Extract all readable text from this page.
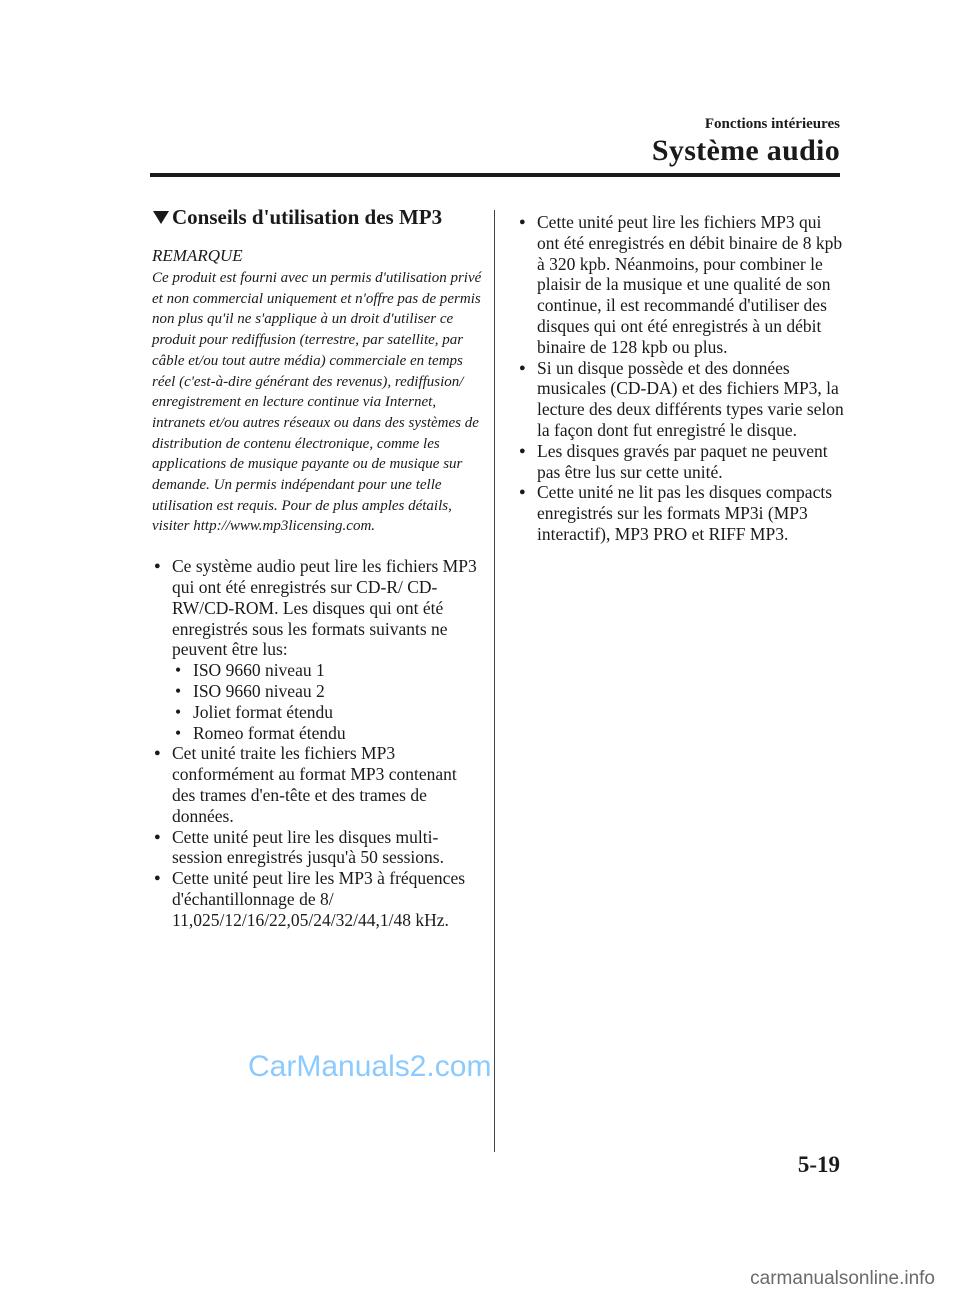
Fonctions intérieures
Système audio
Conseils d'utilisation des MP3
REMARQUE
Ce produit est fourni avec un permis d'utilisation privé et non commercial uniquement et n'offre pas de permis non plus qu'il ne s'applique à un droit d'utiliser ce produit pour rediffusion (terrestre, par satellite, par câble et/ou tout autre média) commerciale en temps réel (c'est-à-dire générant des revenus), rediffusion/ enregistrement en lecture continue via Internet, intranets et/ou autres réseaux ou dans des systèmes de distribution de contenu électronique, comme les applications de musique payante ou de musique sur demande. Un permis indépendant pour une telle utilisation est requis. Pour de plus amples détails, visiter http://www.mp3licensing.com.
● Ce système audio peut lire les fichiers MP3 qui ont été enregistrés sur CD-R/ CD-RW/CD-ROM. Les disques qui ont été enregistrés sous les formats suivants ne peuvent être lus:
• ISO 9660 niveau 1
• ISO 9660 niveau 2
• Joliet format étendu
• Romeo format étendu
● Cet unité traite les fichiers MP3 conformément au format MP3 contenant des trames d'en-tête et des trames de données.
● Cette unité peut lire les disques multi- session enregistrés jusqu'à 50 sessions.
● Cette unité peut lire les MP3 à fréquences d'échantillonnage de 8/ 11,025/12/16/22,05/24/32/44,1/48 kHz.
● Cette unité peut lire les fichiers MP3 qui ont été enregistrés en débit binaire de 8 kpb à 320 kpb. Néanmoins, pour combiner le plaisir de la musique et une qualité de son continue, il est recommandé d'utiliser des disques qui ont été enregistrés à un débit binaire de 128 kpb ou plus.
● Si un disque possède et des données musicales (CD-DA) et des fichiers MP3, la lecture des deux différents types varie selon la façon dont fut enregistré le disque.
● Les disques gravés par paquet ne peuvent pas être lus sur cette unité.
● Cette unité ne lit pas les disques compacts enregistrés sur les formats MP3i (MP3 interactif), MP3 PRO et RIFF MP3.
CarManuals2.com
5-19
carmanualsonline.info
